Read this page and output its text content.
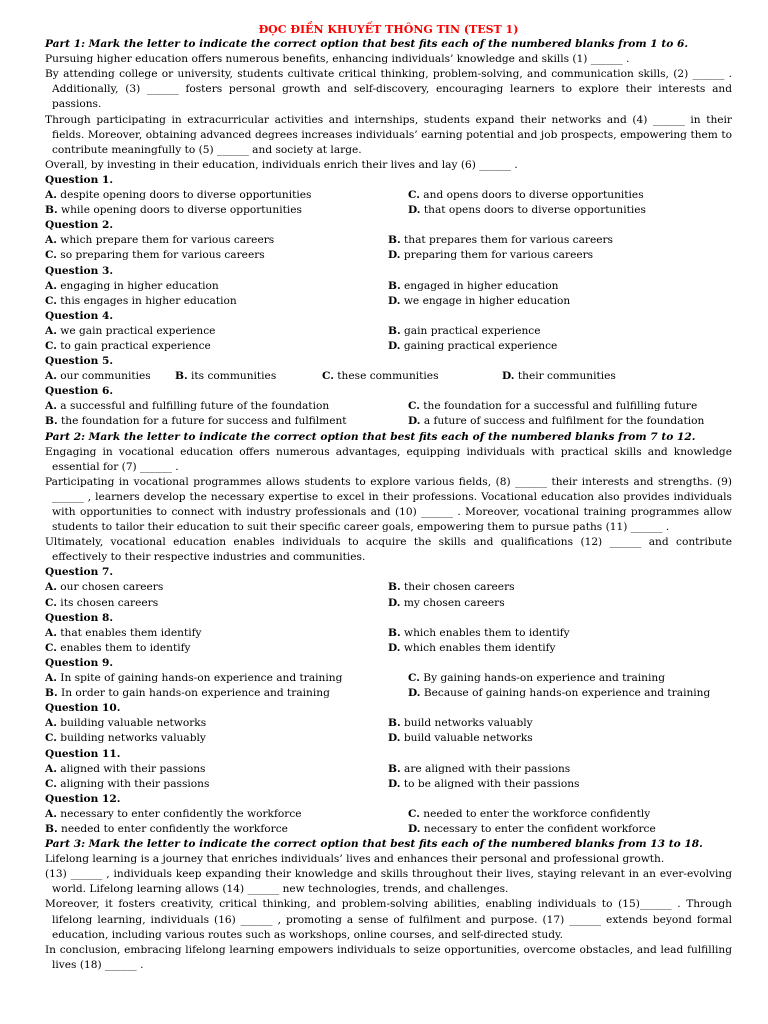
ĐỌC ĐIỀN KHUYẾT THÔNG TIN (TEST 1)
Part 1: Mark the letter to indicate the correct option that best fits each of the numbered blanks from 1 to 6.
Pursuing higher education offers numerous benefits, enhancing individuals’ knowledge and skills (1) ______ .
By attending college or university, students cultivate critical thinking, problem-solving, and communication skills, (2) ______ . Additionally, (3) ______ fosters personal growth and self-discovery, encouraging learners to explore their interests and passions.
Through participating in extracurricular activities and internships, students expand their networks and (4) ______ in their fields. Moreover, obtaining advanced degrees increases individuals’ earning potential and job prospects, empowering them to contribute meaningfully to (5) ______ and society at large.
Overall, by investing in their education, individuals enrich their lives and lay (6) ______ .
Question 1.
A. despite opening doors to diverse opportunities	C. and opens doors to diverse opportunities
B. while opening doors to diverse opportunities	D. that opens doors to diverse opportunities
Question 2.
A. which prepare them for various careers	B. that prepares them for various careers
C. so preparing them for various careers	D. preparing them for various careers
Question 3.
A. engaging in higher education	B. engaged in higher education
C. this engages in higher education	D. we engage in higher education
Question 4.
A. we gain practical experience	B. gain practical experience
C. to gain practical experience	D. gaining practical experience
Question 5.
A. our communities	B. its communities	C. these communities	D. their communities
Question 6.
A. a successful and fulfilling future of the foundation	C. the foundation for a successful and fulfilling future
B. the foundation for a future for success and fulfilment	D. a future of success and fulfilment for the foundation
Part 2: Mark the letter to indicate the correct option that best fits each of the numbered blanks from 7 to 12.
Engaging in vocational education offers numerous advantages, equipping individuals with practical skills and knowledge essential for (7) ______ .
Participating in vocational programmes allows students to explore various fields, (8) ______ their interests and strengths. (9) ______ , learners develop the necessary expertise to excel in their professions. Vocational education also provides individuals with opportunities to connect with industry professionals and (10) ______ . Moreover, vocational training programmes allow students to tailor their education to suit their specific career goals, empowering them to pursue paths (11) ______ .
Ultimately, vocational education enables individuals to acquire the skills and qualifications (12) ______ and contribute effectively to their respective industries and communities.
Question 7.
A. our chosen careers	B. their chosen careers
C. its chosen careers	D. my chosen careers
Question 8.
A. that enables them identify	B. which enables them to identify
C. enables them to identify	D. which enables them identify
Question 9.
A. In spite of gaining hands-on experience and training	C. By gaining hands-on experience and training
B. In order to gain hands-on experience and training	D. Because of gaining hands-on experience and training
Question 10.
A. building valuable networks	B. build networks valuably
C. building networks valuably	D. build valuable networks
Question 11.
A. aligned with their passions	B. are aligned with their passions
C. aligning with their passions	D. to be aligned with their passions
Question 12.
A. necessary to enter confidently the workforce	C. needed to enter the workforce confidently
B. needed to enter confidently the workforce	D. necessary to enter the confident workforce
Part 3: Mark the letter to indicate the correct option that best fits each of the numbered blanks from 13 to 18.
Lifelong learning is a journey that enriches individuals’ lives and enhances their personal and professional growth.
(13) ______ , individuals keep expanding their knowledge and skills throughout their lives, staying relevant in an ever-evolving world. Lifelong learning allows (14) ______ new technologies, trends, and challenges.
Moreover, it fosters creativity, critical thinking, and problem-solving abilities, enabling individuals to (15)______ . Through lifelong learning, individuals (16) ______ , promoting a sense of fulfilment and purpose. (17) ______ extends beyond formal education, including various routes such as workshops, online courses, and self-directed study.
In conclusion, embracing lifelong learning empowers individuals to seize opportunities, overcome obstacles, and lead fulfilling lives (18) ______ .
